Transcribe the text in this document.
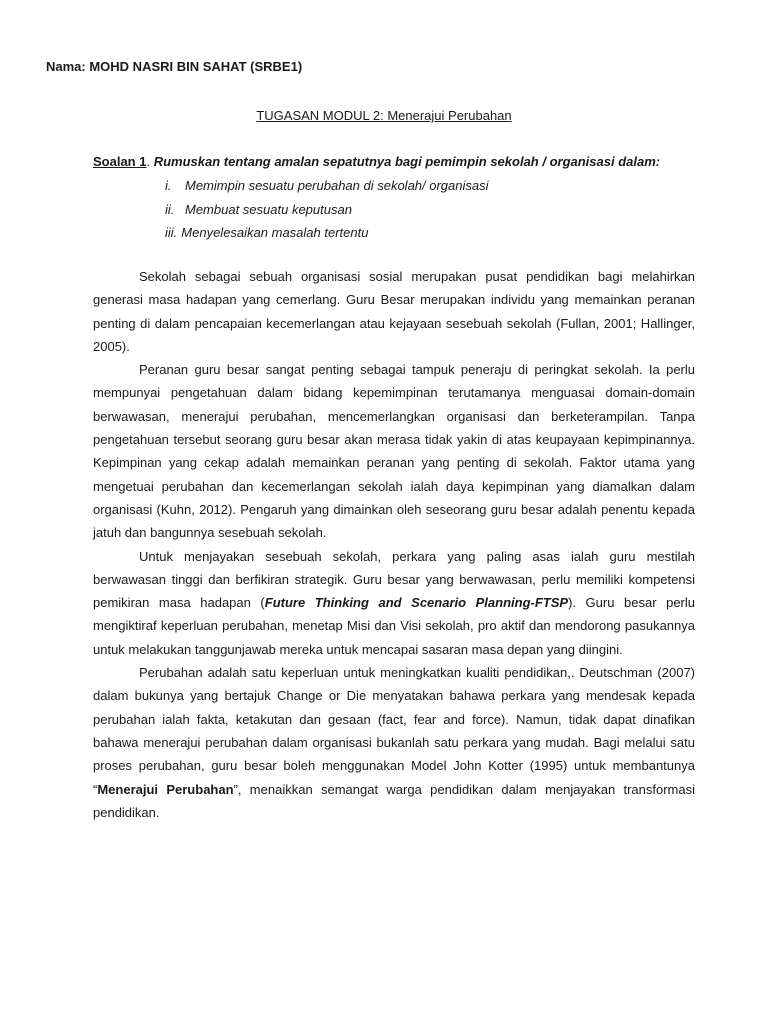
Nama: MOHD NASRI BIN SAHAT (SRBE1)
TUGASAN MODUL 2: Menerajui Perubahan
Soalan 1. Rumuskan tentang amalan sepatutnya bagi pemimpin sekolah / organisasi dalam:
i. Memimpin sesuatu perubahan di sekolah/ organisasi
ii. Membuat sesuatu keputusan
iii. Menyelesaikan masalah tertentu

Sekolah sebagai sebuah organisasi sosial merupakan pusat pendidikan bagi melahirkan generasi masa hadapan yang cemerlang. Guru Besar merupakan individu yang memainkan peranan penting di dalam pencapaian kecemerlangan atau kejayaan sesebuah sekolah (Fullan, 2001; Hallinger, 2005).

Peranan guru besar sangat penting sebagai tampuk peneraju di peringkat sekolah. Ia perlu mempunyai pengetahuan dalam bidang kepemimpinan terutamanya menguasai domain-domain berwawasan, menerajui perubahan, mencemerlangkan organisasi dan berketerampilan. Tanpa pengetahuan tersebut seorang guru besar akan merasa tidak yakin di atas keupayaan kepimpinannya. Kepimpinan yang cekap adalah memainkan peranan yang penting di sekolah. Faktor utama yang mengetuai perubahan dan kecemerlangan sekolah ialah daya kepimpinan yang diamalkan dalam organisasi (Kuhn, 2012). Pengaruh yang dimainkan oleh seseorang guru besar adalah penentu kepada jatuh dan bangunnya sesebuah sekolah.

Untuk menjayakan sesebuah sekolah, perkara yang paling asas ialah guru mestilah berwawasan tinggi dan berfikiran strategik. Guru besar yang berwawasan, perlu memiliki kompetensi pemikiran masa hadapan (Future Thinking and Scenario Planning-FTSP). Guru besar perlu mengiktiraf keperluan perubahan, menetap Misi dan Visi sekolah, pro aktif dan mendorong pasukannya untuk melakukan tanggunjawab mereka untuk mencapai sasaran masa depan yang diingini.

Perubahan adalah satu keperluan untuk meningkatkan kualiti pendidikan,. Deutschman (2007) dalam bukunya yang bertajuk Change or Die menyatakan bahawa perkara yang mendesak kepada perubahan ialah fakta, ketakutan dan gesaan (fact, fear and force). Namun, tidak dapat dinafikan bahawa menerajui perubahan dalam organisasi bukanlah satu perkara yang mudah. Bagi melalui satu proses perubahan, guru besar boleh menggunakan Model John Kotter (1995) untuk membantunya “Menerajui Perubahan”, menaikkan semangat warga pendidikan dalam menjayakan transformasi pendidikan.
